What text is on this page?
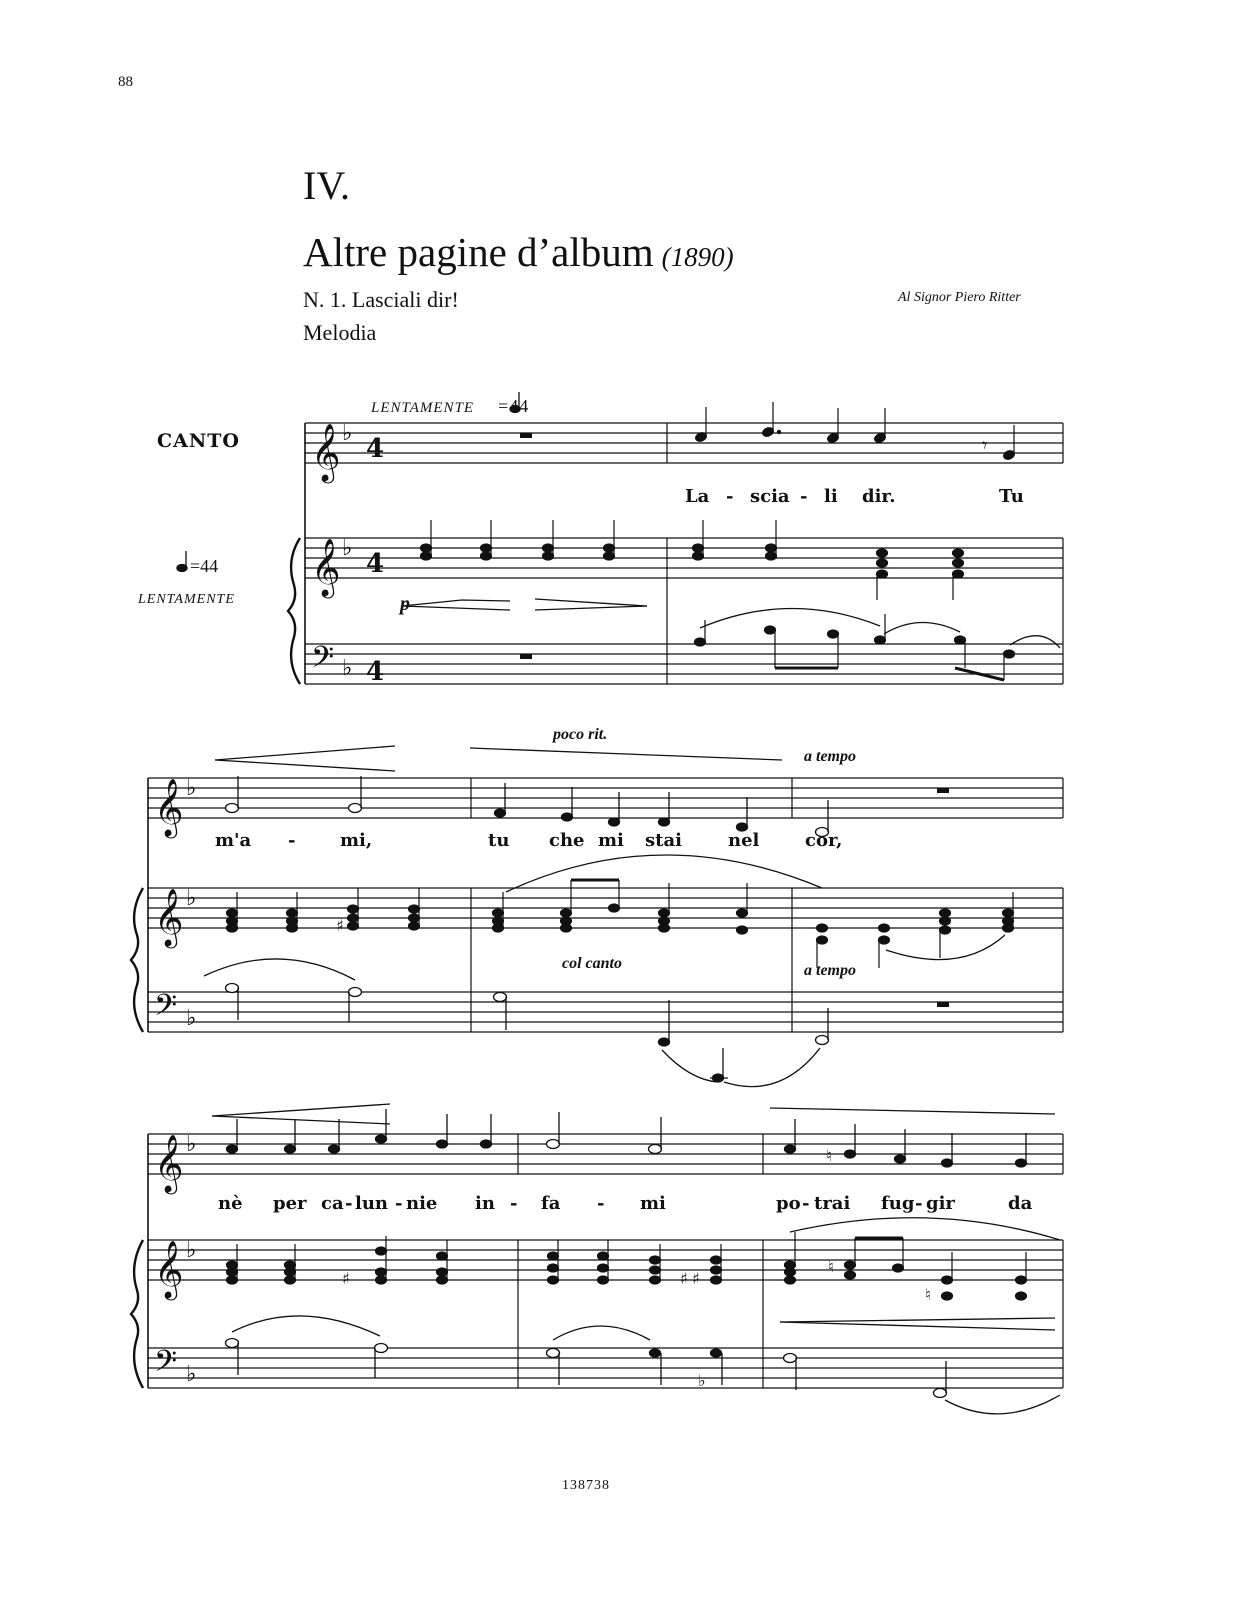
88
IV.
Altre pagine d’album (1890)
N. 1. Lasciali dir!
Melodia
Al Signor Piero Ritter
𝄞
𝄞
𝄢
𝄞
𝄞
𝄢
𝄞
𝄞
𝄢
♭
♭
♭
♭
♭
♭
♭
♭
♭
4
4
4
𝄾
♯	♯ ♯
♮
♮
♮
♯
♭
CANTO
LENTAMENTE =44
=44
LENTAMENTE	p
poco rit.
a tempo
col canto	a tempo
La - scia - li dir.	Tu
m'a - mi,	tu che mi stai	nel	cor,
nè per ca - lun - nie in - fa - mi	po - trai fug - gir	da
138738
